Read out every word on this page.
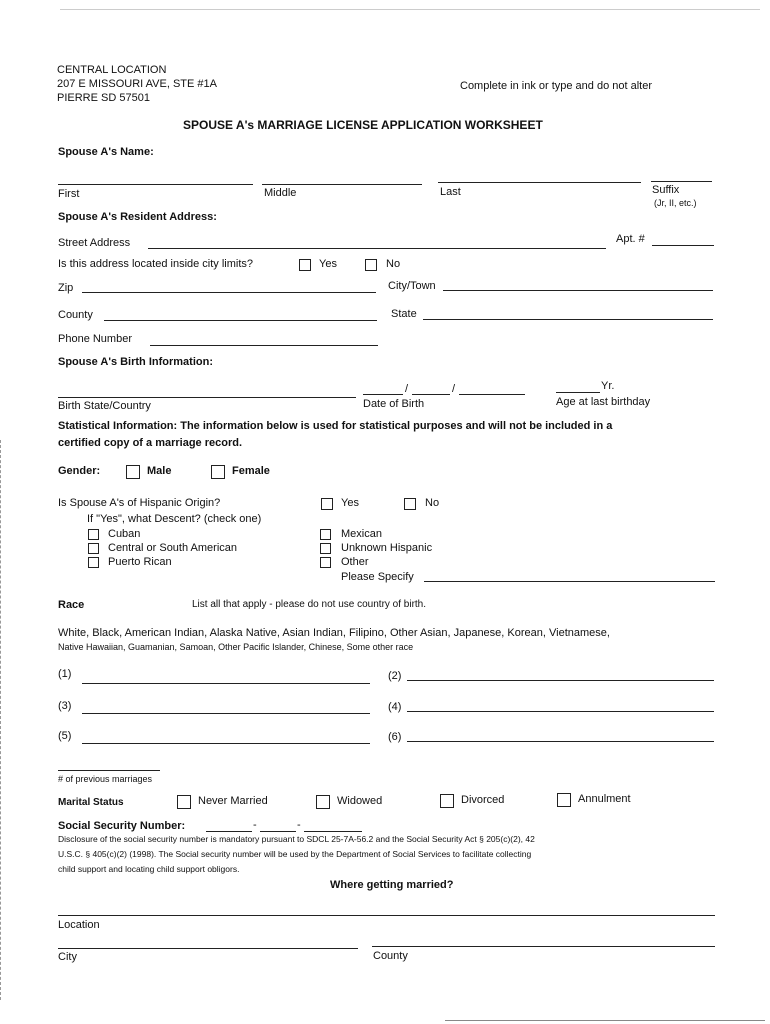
CENTRAL LOCATION
207 E MISSOURI AVE, STE #1A
PIERRE SD 57501
Complete in ink or type and do not alter
SPOUSE A's MARRIAGE LICENSE APPLICATION WORKSHEET
Spouse A's Name:
First	Middle	Last	Suffix
(Jr, II, etc.)
Spouse A's Resident Address:
Street Address	Apt. #
Is this address located inside city limits?	Yes	No
Zip	City/Town
County	State
Phone Number
Spouse A's Birth Information:
/	/	Yr.
Birth State/Country	Date of Birth	Age at last birthday
Statistical Information: The information below is used for statistical purposes and will not be included in a
certified copy of a marriage record.
Gender:	Male	Female
Is Spouse A's of Hispanic Origin?	Yes	No
If "Yes", what Descent? (check one)
Cuban
Central or South American
Puerto Rican
Mexican
Unknown Hispanic
Other
Please Specify
Race	List all that apply - please do not use country of birth.
White, Black, American Indian, Alaska Native, Asian Indian, Filipino, Other Asian, Japanese, Korean, Vietnamese,
Native Hawaiian, Guamanian, Samoan, Other Pacific Islander, Chinese, Some other race
(1)	(2)
(3)	(4)
(5)	(6)
# of previous marriages
Marital Status	Never Married	Widowed	Divorced	Annulment
Social Security Number:	-	-
Disclosure of the social security number is mandatory pursuant to SDCL 25-7A-56.2 and the Social Security Act § 205(c)(2), 42
U.S.C. § 405(c)(2) (1998). The Social security number will be used by the Department of Social Services to facilitate collecting
child support and locating child support obligors.
Where getting married?
Location
City	County
